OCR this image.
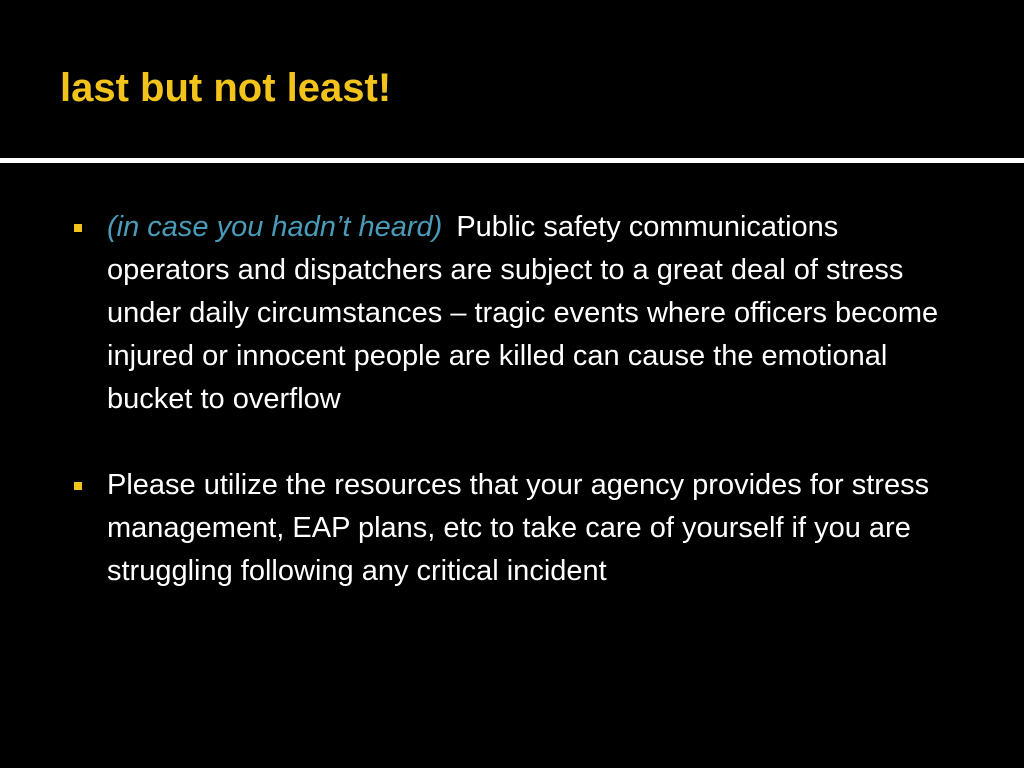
last but not least!
(in case you hadn’t heard) Public safety communications operators and dispatchers are subject to a great deal of stress under daily circumstances – tragic events where officers become injured or innocent people are killed can cause the emotional bucket to overflow
Please utilize the resources that your agency provides for stress management, EAP plans, etc to take care of yourself if you are struggling following any critical incident
